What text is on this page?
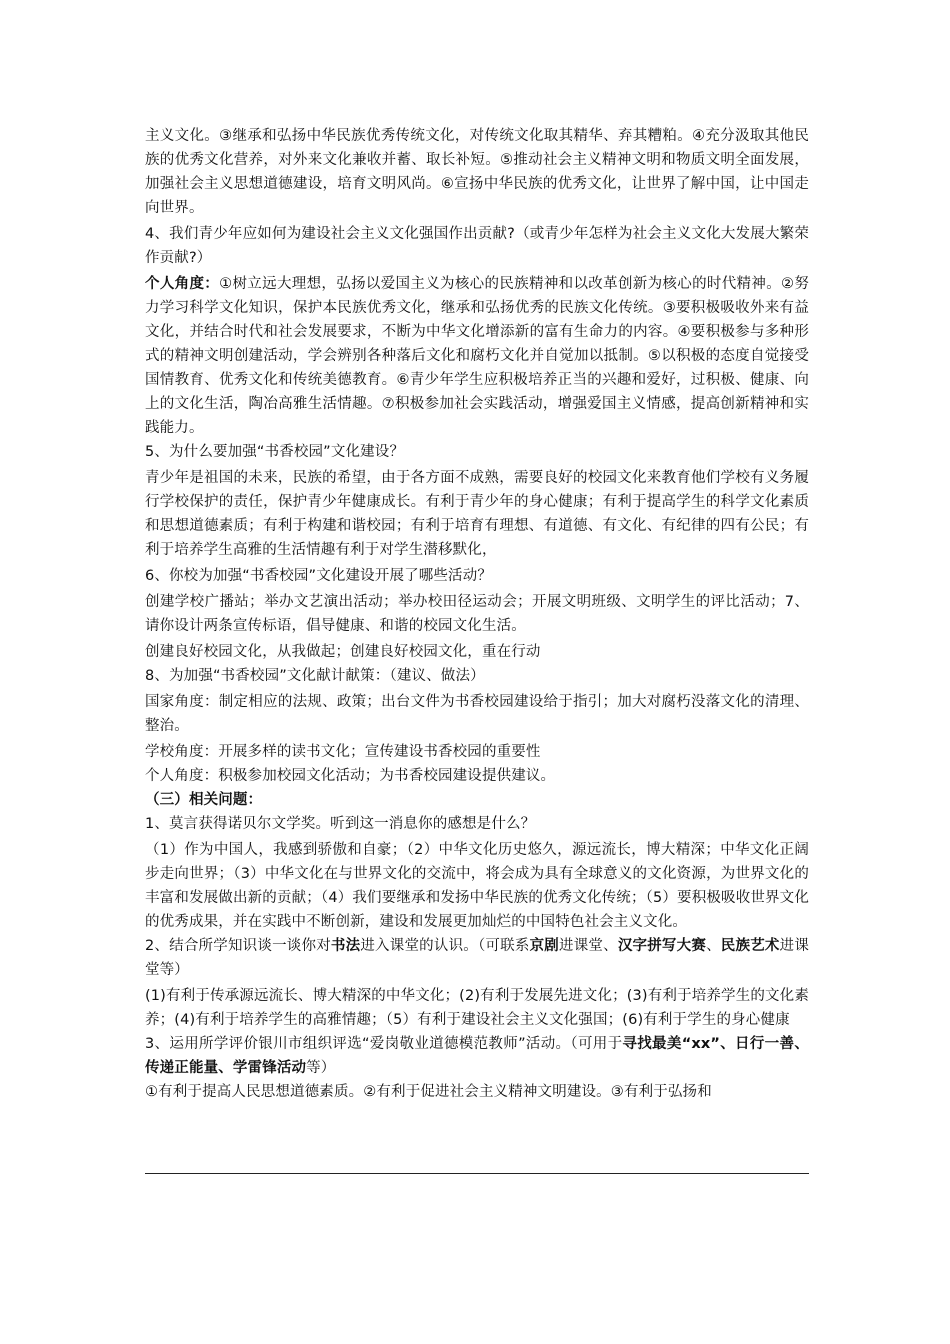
主义文化。③继承和弘扬中华民族优秀传统文化，对传统文化取其精华、弃其糟粕。④充分汲取其他民族的优秀文化营养，对外来文化兼收并蓄、取长补短。⑤推动社会主义精神文明和物质文明全面发展，加强社会主义思想道德建设，培育文明风尚。⑥宣扬中华民族的优秀文化，让世界了解中国，让中国走向世界。

4、我们青少年应如何为建设社会主义文化强国作出贡献?（或青少年怎样为社会主义文化大发展大繁荣作贡献?）

个人角度：①树立远大理想，弘扬以爱国主义为核心的民族精神和以改革创新为核心的时代精神。②努力学习科学文化知识，保护本民族优秀文化，继承和弘扬优秀的民族文化传统。③要积极吸收外来有益文化，并结合时代和社会发展要求，不断为中华文化增添新的富有生命力的内容。④要积极参与多种形式的精神文明创建活动，学会辨别各种落后文化和腐朽文化并自觉加以抵制。⑤以积极的态度自觉接受国情教育、优秀文化和传统美德教育。⑥青少年学生应积极培养正当的兴趣和爱好，过积极、健康、向上的文化生活，陶冶高雅生活情趣。⑦积极参加社会实践活动，增强爱国主义情感，提高创新精神和实践能力。

5、为什么要加强“书香校园”文化建设？

青少年是祖国的未来，民族的希望，由于各方面不成熟，需要良好的校园文化来教育他们学校有义务履行学校保护的责任，保护青少年健康成长。有利于青少年的身心健康；有利于提高学生的科学文化素质和思想道德素质；有利于构建和谐校园；有利于培育有理想、有道德、有文化、有纪律的四有公民；有利于培养学生高雅的生活情趣有利于对学生潜移默化，

6、你校为加强“书香校园”文化建设开展了哪些活动？

创建学校广播站；举办文艺演出活动；举办校田径运动会；开展文明班级、文明学生的评比活动；7、请你设计两条宣传标语，倡导健康、和谐的校园文化生活。

创建良好校园文化，从我做起；创建良好校园文化，重在行动

8、为加强“书香校园”文化献计献策：（建议、做法）

国家角度：制定相应的法规、政策；出台文件为书香校园建设给于指引；加大对腐朽没落文化的清理、整治。

学校角度：开展多样的读书文化；宣传建设书香校园的重要性

个人角度：积极参加校园文化活动；为书香校园建设提供建议。

（三）相关问题：

1、莫言获得诺贝尔文学奖。听到这一消息你的感想是什么？

（1）作为中国人，我感到骄傲和自豪；（2）中华文化历史悠久，源远流长，博大精深；中华文化正阔步走向世界；（3）中华文化在与世界文化的交流中，将会成为具有全球意义的文化资源，为世界文化的丰富和发展做出新的贡献；（4）我们要继承和发扬中华民族的优秀文化传统；（5）要积极吸收世界文化的优秀成果，并在实践中不断创新，建设和发展更加灿烂的中国特色社会主义文化。

2、结合所学知识谈一谈你对书法进入课堂的认识。（可联系京剧进课堂、汉字拼写大赛、民族艺术进课堂等）

(1)有利于传承源远流长、博大精深的中华文化；(2)有利于发展先进文化；(3)有利于培养学生的文化素养；(4)有利于培养学生的高雅情趣；（5）有利于建设社会主义文化强国；(6)有利于学生的身心健康

3、运用所学评价银川市组织评选“爱岗敬业道德模范教师”活动。（可用于寻找最美“xx”、日行一善、传递正能量、学雷锋活动等）

①有利于提高人民思想道德素质。②有利于促进社会主义精神文明建设。③有利于弘扬和
